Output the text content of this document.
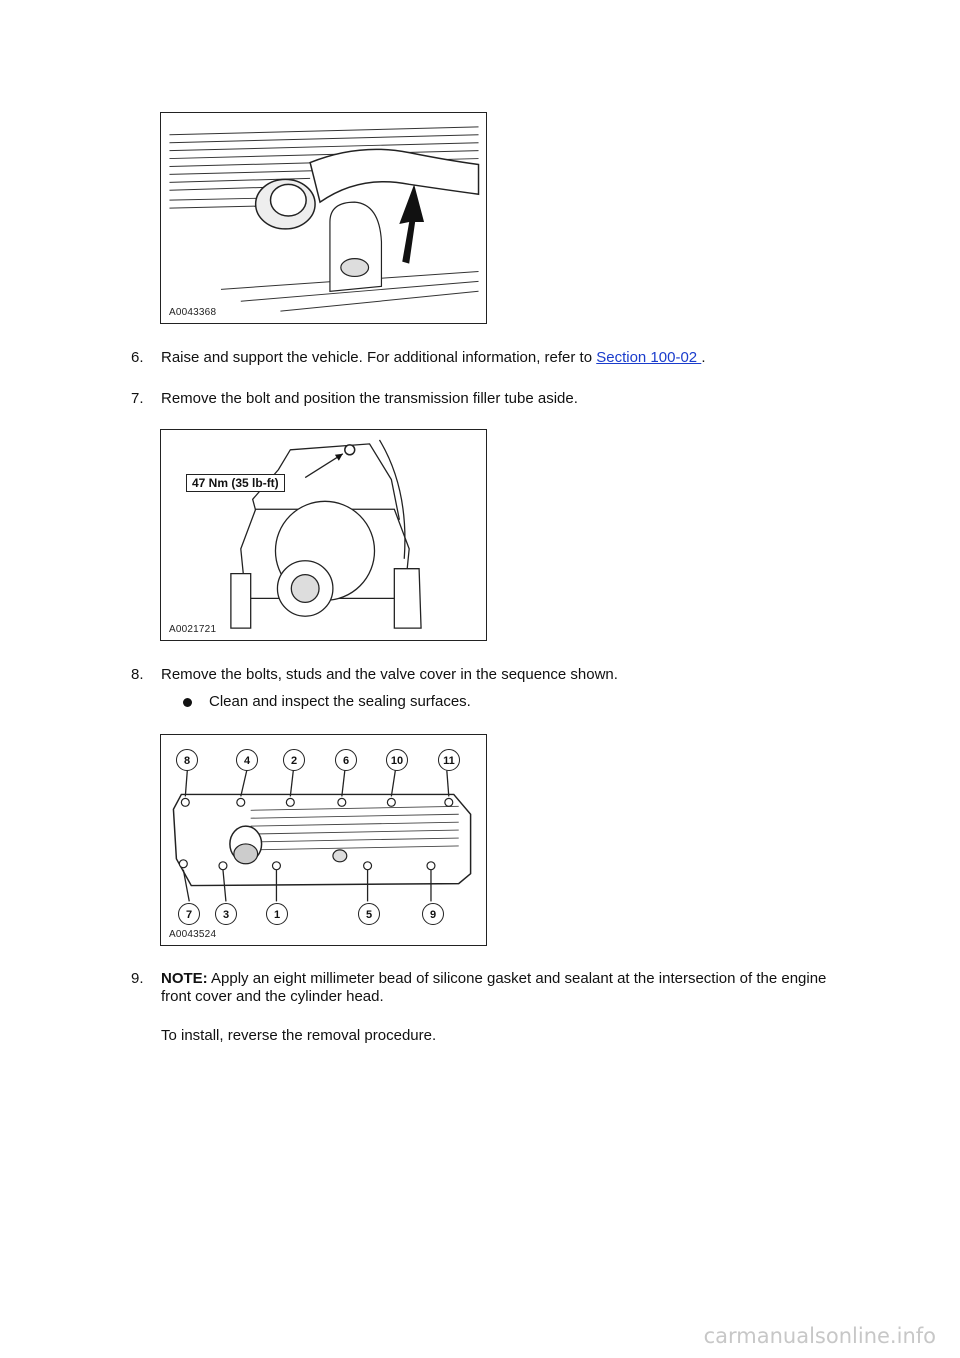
A0043368
6. Raise and support the vehicle. For additional information, refer to Section 100-02 .
7. Remove the bolt and position the transmission filler tube aside.
47 Nm (35 lb-ft)
A0021721
8. Remove the bolts, studs and the valve cover in the sequence shown.
Clean and inspect the sealing surfaces.
8	4	2	6	10	11
7	3	1	5	9
A0043524
9. NOTE: Apply an eight millimeter bead of silicone gasket and sealant at the intersection of the engine front cover and the cylinder head.
To install, reverse the removal procedure.
carmanualsonline.info
